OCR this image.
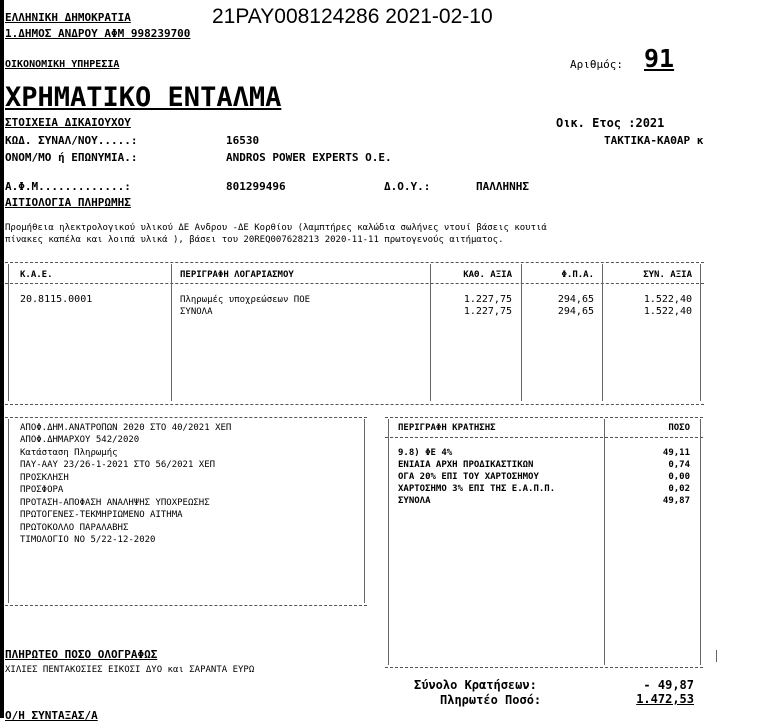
ΕΛΛΗΝΙΚΗ ΔΗΜΟΚΡΑΤΙΑ	21PAY008124286 2021-02-10
1.ΔΗΜΟΣ ΑΝΔΡΟΥ ΑΦΜ 998239700
ΟΙΚΟΝΟΜΙΚΗ ΥΠΗΡΕΣΙΑ	Αριθμός: 91
ΧΡΗΜΑΤΙΚΟ ΕΝΤΑΛΜΑ
ΣΤΟΙΧΕΙΑ ΔΙΚΑΙΟΥΧΟΥ	Οικ. Ετος :2021
ΚΩΔ. ΣΥΝΑΛ/ΝΟΥ.....:	16530	ΤΑΚΤΙΚΑ-ΚΑΘΑΡ κ
ΟΝΟΜ/ΜΟ ή ΕΠΩΝΥΜΙΑ.:	ANDROS POWER EXPERTS O.E.
Α.Φ.Μ.............:	801299496	Δ.Ο.Υ.:	ΠΑΛΛΗΝΗΣ
ΑΙΤΙΟΛΟΓΙΑ ΠΛΗΡΩΜΗΣ
Προμήθεια ηλεκτρολογικού υλικού ΔΕ Ανδρου -ΔΕ Κορθίου (λαμπτήρες καλώδια σωλήνες ντουί βάσεις κουτιά
πίνακες καπέλα και λοιπά υλικά ), βάσει του 20REQ007628213 2020-11-11 πρωτογενούς αιτήματος.
Κ.Α.Ε.	ΠΕΡΙΓΡΑΦΗ ΛΟΓΑΡΙΑΣΜΟΥ	ΚΑΘ. ΑΞΙΑ	Φ.Π.Α.	ΣΥΝ. ΑΞΙΑ
20.8115.0001	Πληρωμές υποχρεώσεων ΠΟΕ	1.227,75	294,65	1.522,40
ΣΥΝΟΛΑ	1.227,75	294,65	1.522,40
ΑΠΟΦ.ΔΗΜ.ΑΝΑΤΡΟΠΩΝ 2020 ΣΤΟ 40/2021 ΧΕΠ
ΑΠΟΦ.ΔΗΜΑΡΧΟΥ 542/2020
Κατάσταση Πληρωμής
ΠΑΥ-ΑΑΥ 23/26-1-2021 ΣΤΟ 56/2021 ΧΕΠ
ΠΡΟΣΚΛΗΣΗ
ΠΡΟΣΦΟΡΑ
ΠΡΟΤΑΣΗ-ΑΠΟΦΑΣΗ ΑΝΑΛΗΨΗΣ ΥΠΟΧΡΕΩΣΗΣ
ΠΡΩΤΟΓΕΝΕΣ-ΤΕΚΜΗΡΙΩΜΕΝΟ ΑΙΤΗΜΑ
ΠΡΩΤΟΚΟΛΛΟ ΠΑΡΑΛΑΒΗΣ
ΤΙΜΟΛΟΓΙΟ ΝΟ 5/22-12-2020
ΠΕΡΙΓΡΑΦΗ ΚΡΑΤΗΣΗΣ	ΠΟΣΟ
9.8) ΦΕ 4%	49,11
ΕΝΙΑΙΑ ΑΡΧΗ ΠΡΟΔΙΚΑΣΤΙΚΩΝ	0,74
ΟΓΑ 20% ΕΠΙ ΤΟΥ ΧΑΡΤΟΣΗΜΟΥ	0,00
ΧΑΡΤΟΣΗΜΟ 3% ΕΠΙ ΤΗΣ Ε.Α.Π.Π.	0,02
ΣΥΝΟΛΑ	49,87
ΠΛΗΡΩΤΕΟ ΠΟΣΟ ΟΛΟΓΡΑΦΩΣ
ΧΙΛΙΕΣ ΠΕΝΤΑΚΟΣΙΕΣ ΕΙΚΟΣΙ ΔΥΟ και ΣΑΡΑΝΤΑ ΕΥΡΩ
Σύνολο Κρατήσεων:	- 49,87
Πληρωτέο Ποσό:	1.472,53
Ο/Η ΣΥΝΤΑΞΑΣ/Α
